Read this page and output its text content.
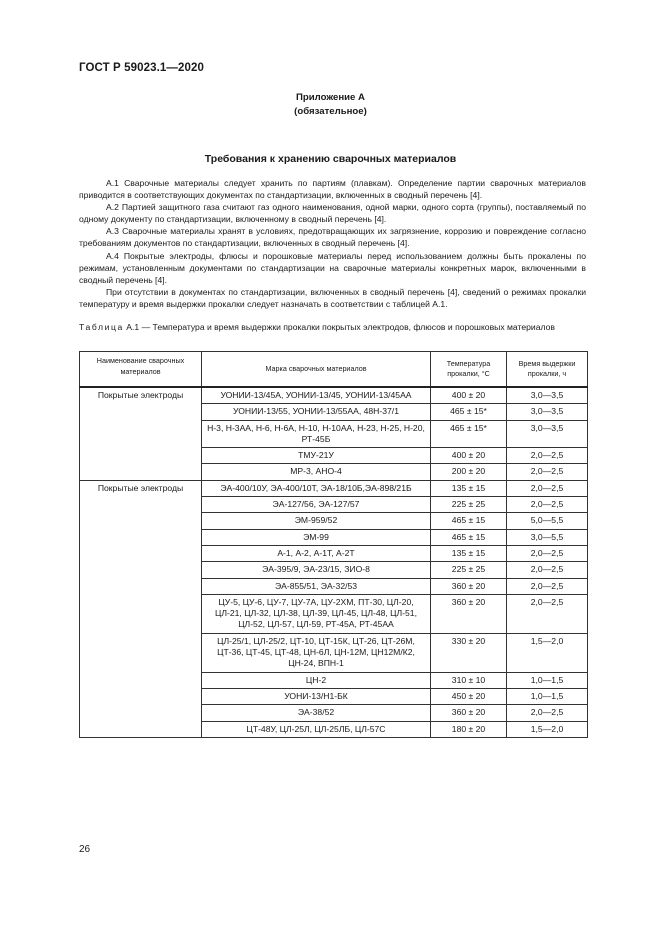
ГОСТ Р 59023.1—2020
Приложение А
(обязательное)
Требования к хранению сварочных материалов

А.1 Сварочные материалы следует хранить по партиям (плавкам). Определение партии сварочных материалов приводится в соответствующих документах по стандартизации, включенных в сводный перечень [4].

А.2 Партией защитного газа считают газ одного наименования, одной марки, одного сорта (группы), поставляемый по одному документу по стандартизации, включенному в сводный перечень [4].

А.3 Сварочные материалы хранят в условиях, предотвращающих их загрязнение, коррозию и повреждение согласно требованиям документов по стандартизации, включенных в сводный перечень [4].

А.4 Покрытые электроды, флюсы и порошковые материалы перед использованием должны быть прокалены по режимам, установленным документами по стандартизации на сварочные материалы конкретных марок, включенными в сводный перечень [4].

При отсутствии в документах по стандартизации, включенных в сводный перечень [4], сведений о режимах прокалки температуру и время выдержки прокалки следует назначать в соответствии с таблицей А.1.

Таблица А.1 — Температура и время выдержки прокалки покрытых электродов, флюсов и порошковых материалов
Наименование сварочных материалов	Марка сварочных материалов	Температура прокалки, °С	Время выдержки прокалки, ч
Покрытые электроды	УОНИИ-13/45А, УОНИИ-13/45, УОНИИ-13/45АА	400 ± 20	3,0—3,5
	УОНИИ-13/55, УОНИИ-13/55АА, 48Н-37/1	465 ± 15*	3,0—3,5
	Н-3, Н-3АА, Н-6, Н-6А, Н-10, Н-10АА, Н-23, Н-25, Н-20, РТ-45Б	465 ± 15*	3,0—3,5
	ТМУ-21У	400 ± 20	2,0—2,5
	МР-3, АНО-4	200 ± 20	2,0—2,5
Покрытые электроды	ЭА-400/10У, ЭА-400/10Т, ЭА-18/10Б,ЭА-898/21Б	135 ± 15	2,0—2,5
	ЭА-127/56, ЭА-127/57	225 ± 25	2,0—2,5
	ЭМ-959/52	465 ± 15	5,0—5,5
	ЭМ-99	465 ± 15	3,0—5,5
	А-1, А-2, А-1Т, А-2Т	135 ± 15	2,0—2,5
	ЭА-395/9, ЭА-23/15, ЗИО-8	225 ± 25	2,0—2,5
	ЭА-855/51, ЭА-32/53	360 ± 20	2,0—2,5
	ЦУ-5, ЦУ-6, ЦУ-7, ЦУ-7А, ЦУ-2ХМ, ПТ-30, ЦЛ-20, ЦЛ-21, ЦЛ-32, ЦЛ-38, ЦЛ-39, ЦЛ-45, ЦЛ-48, ЦЛ-51, ЦЛ-52, ЦЛ-57, ЦЛ-59, РТ-45А, РТ-45АА	360 ± 20	2,0—2,5
	ЦЛ-25/1, ЦЛ-25/2, ЦТ-10, ЦТ-15К, ЦТ-26, ЦТ-26М, ЦТ-36, ЦТ-45, ЦТ-48, ЦН-6Л, ЦН-12М, ЦН12М/К2, ЦН-24, ВПН-1	330 ± 20	1,5—2,0
	ЦН-2	310 ± 10	1,0—1,5
	УОНИ-13/Н1-БК	450 ± 20	1,0—1,5
	ЭА-38/52	360 ± 20	2,0—2,5
	ЦТ-48У, ЦЛ-25Л, ЦЛ-25ЛБ, ЦЛ-57С	180 ± 20	1,5—2,0
26
